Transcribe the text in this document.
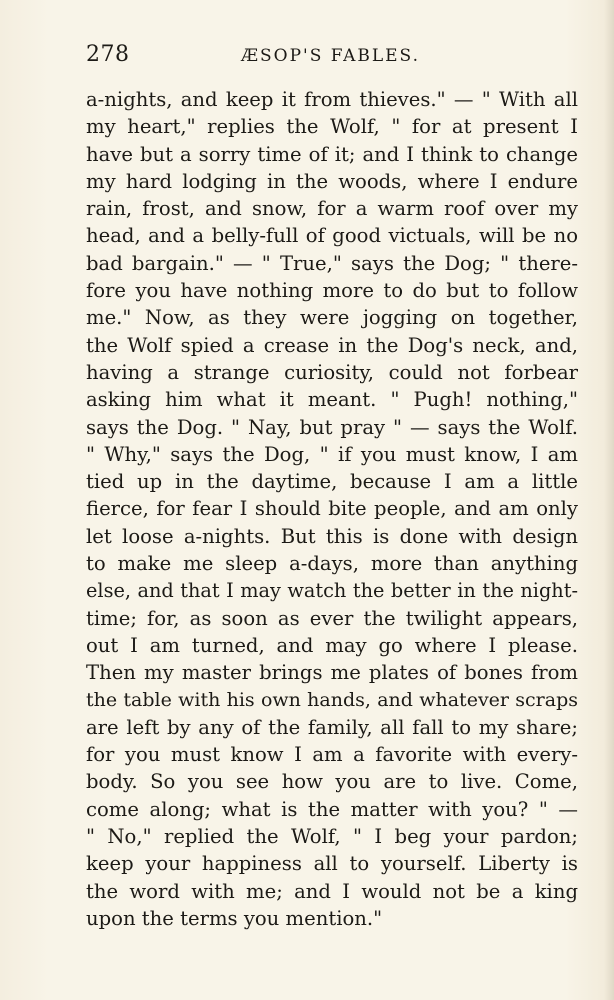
278	ÆSOP'S FABLES.
a-nights, and keep it from thieves." — " With all
my heart," replies the Wolf, " for at present I
have but a sorry time of it; and I think to change
my hard lodging in the woods, where I endure
rain, frost, and snow, for a warm roof over my
head, and a belly-full of good victuals, will be no
bad bargain." — " True," says the Dog; " there-
fore you have nothing more to do but to follow
me." Now, as they were jogging on together,
the Wolf spied a crease in the Dog's neck, and,
having a strange curiosity, could not forbear
asking him what it meant. " Pugh! nothing,"
says the Dog. " Nay, but pray " — says the Wolf.
" Why," says the Dog, " if you must know, I am
tied up in the daytime, because I am a little
fierce, for fear I should bite people, and am only
let loose a-nights. But this is done with design
to make me sleep a-days, more than anything
else, and that I may watch the better in the night-
time; for, as soon as ever the twilight appears,
out I am turned, and may go where I please.
Then my master brings me plates of bones from
the table with his own hands, and whatever scraps
are left by any of the family, all fall to my share;
for you must know I am a favorite with every-
body. So you see how you are to live. Come,
come along; what is the matter with you? " —
" No," replied the Wolf, " I beg your pardon;
keep your happiness all to yourself. Liberty is
the word with me; and I would not be a king
upon the terms you mention."
